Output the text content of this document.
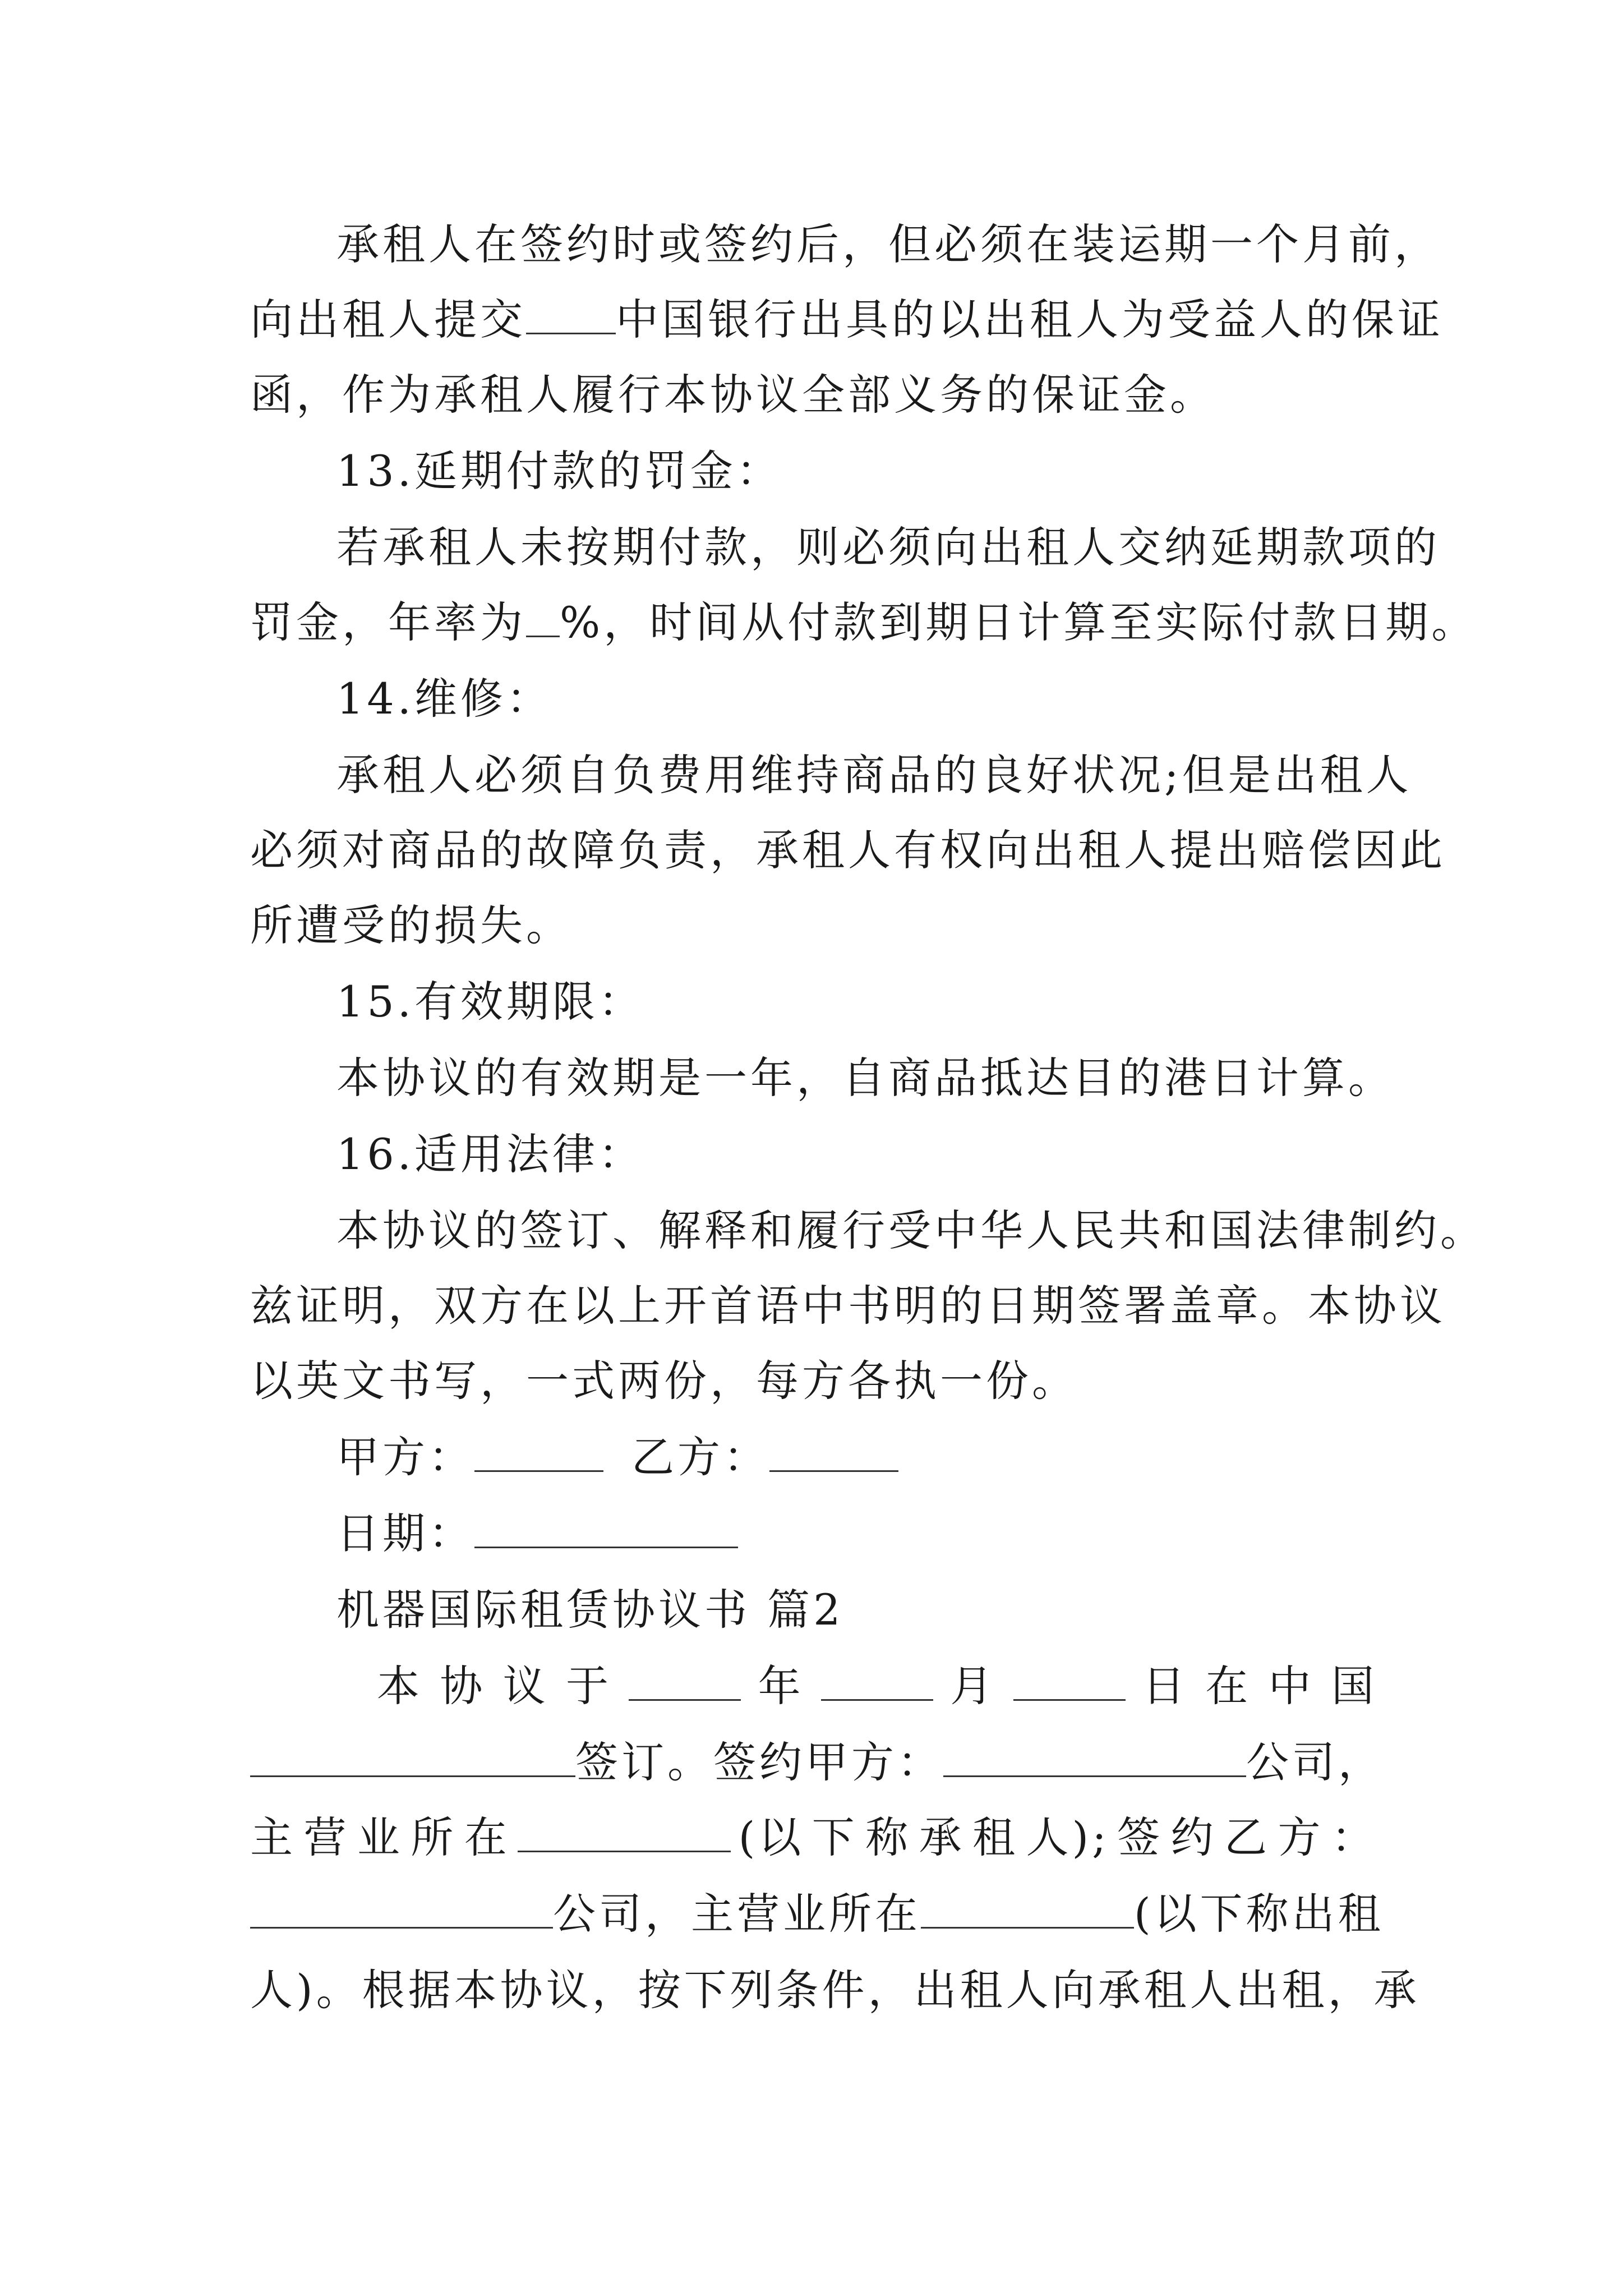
承租人在签约时或签约后，但必须在装运期一个月前，
向出租人提交 中国银行出具的以出租人为受益人的保证
函，作为承租人履行本协议全部义务的保证金。
13.延期付款的罚金：
若承租人未按期付款，则必须向出租人交纳延期款项的
罚金，年率为 %，时间从付款到期日计算至实际付款日期。
14.维修：
承租人必须自负费用维持商品的良好状况;但是出租人
必须对商品的故障负责，承租人有权向出租人提出赔偿因此
所遭受的损失。
15.有效期限：
本协议的有效期是一年，自商品抵达目的港日计算。
16.适用法律：
本协议的签订、解释和履行受中华人民共和国法律制约。
兹证明，双方在以上开首语中书明的日期签署盖章。本协议
以英文书写，一式两份，每方各执一份。
甲方：	乙方：
日期：
机器国际租赁协议书 篇2
本 协 议 于	年	月	日 在 中 国
签订。签约甲方：	公司，
主 营 业 所 在	(以 下 称 承 租 人); 签 约 乙 方 ：
公司，主营业所在	(以下称出租
人)。根据本协议，按下列条件，出租人向承租人出租，承
